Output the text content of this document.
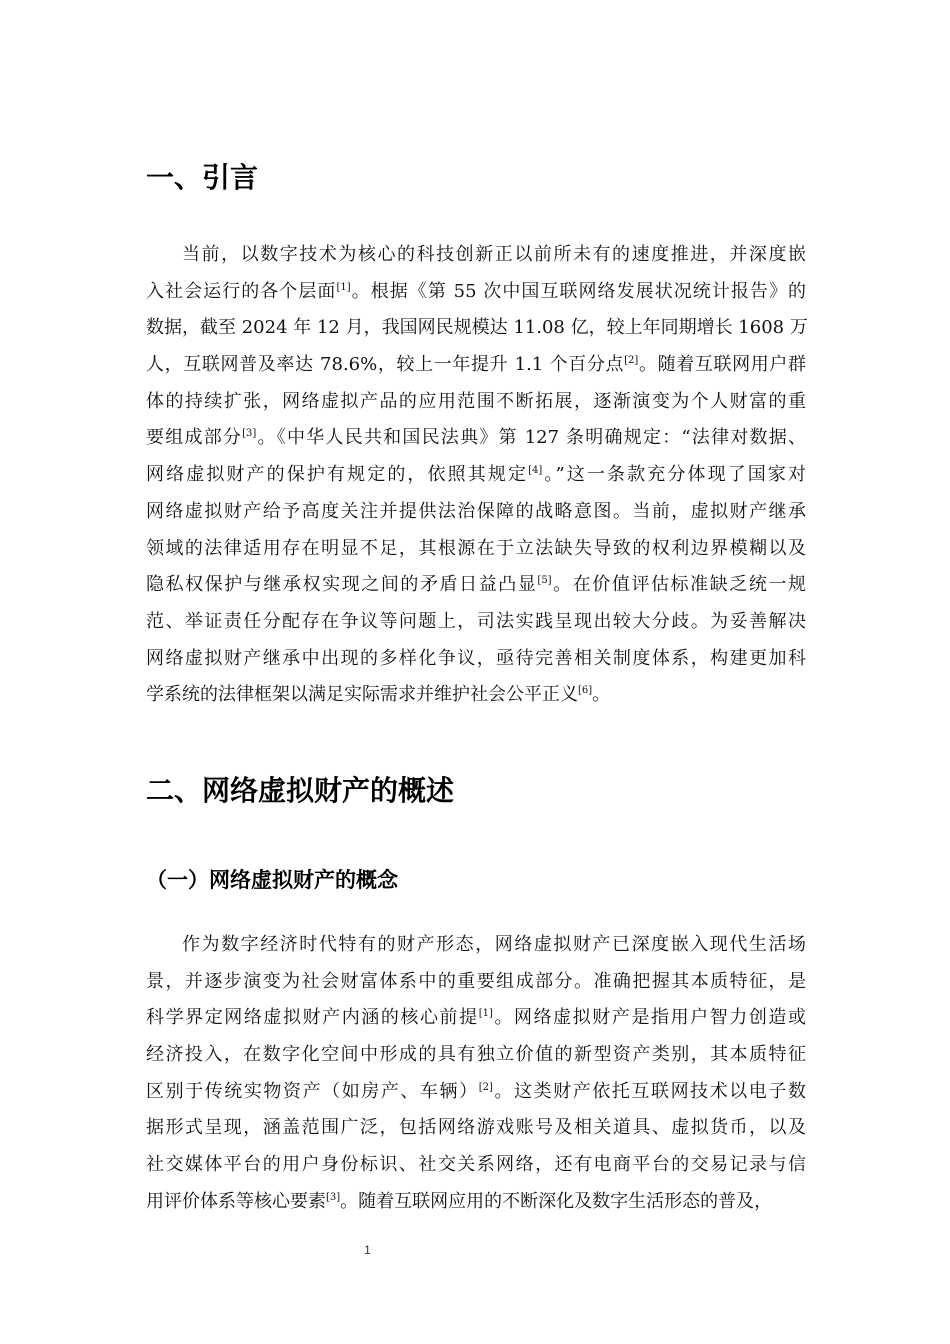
一、引言
当前，以数字技术为核心的科技创新正以前所未有的速度推进，并深度嵌
入社会运行的各个层面[1]。根据《第 55 次中国互联网络发展状况统计报告》的
数据，截至 2024 年 12 月，我国网民规模达 11.08 亿，较上年同期增长 1608 万
人，互联网普及率达 78.6%，较上一年提升 1.1 个百分点[2]。随着互联网用户群
体的持续扩张，网络虚拟产品的应用范围不断拓展，逐渐演变为个人财富的重
要组成部分[3]。《中华人民共和国民法典》第 127 条明确规定：“法律对数据、
网络虚拟财产的保护有规定的，依照其规定[4]。”这一条款充分体现了国家对
网络虚拟财产给予高度关注并提供法治保障的战略意图。当前，虚拟财产继承
领域的法律适用存在明显不足，其根源在于立法缺失导致的权利边界模糊以及
隐私权保护与继承权实现之间的矛盾日益凸显[5]。在价值评估标准缺乏统一规
范、举证责任分配存在争议等问题上，司法实践呈现出较大分歧。为妥善解决
网络虚拟财产继承中出现的多样化争议，亟待完善相关制度体系，构建更加科
学系统的法律框架以满足实际需求并维护社会公平正义[6]。
二、网络虚拟财产的概述
（一）网络虚拟财产的概念
作为数字经济时代特有的财产形态，网络虚拟财产已深度嵌入现代生活场
景，并逐步演变为社会财富体系中的重要组成部分。准确把握其本质特征，是
科学界定网络虚拟财产内涵的核心前提[1]。网络虚拟财产是指用户智力创造或
经济投入，在数字化空间中形成的具有独立价值的新型资产类别，其本质特征
区别于传统实物资产（如房产、车辆）[2]。这类财产依托互联网技术以电子数
据形式呈现，涵盖范围广泛，包括网络游戏账号及相关道具、虚拟货币，以及
社交媒体平台的用户身份标识、社交关系网络，还有电商平台的交易记录与信
用评价体系等核心要素[3]。随着互联网应用的不断深化及数字生活形态的普及，
1
